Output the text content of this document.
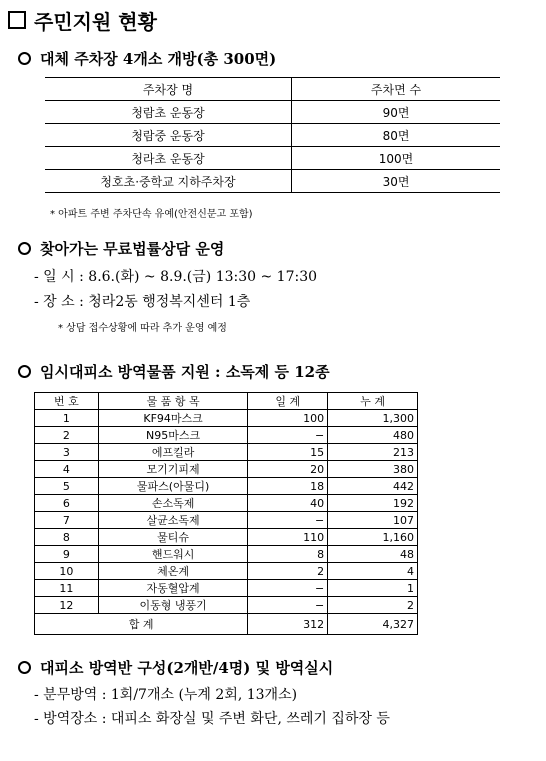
주민지원 현황
대체 주차장 4개소 개방(총 300면)
주차장 명	주차면 수
청람초 운동장	90면
청람중 운동장	80면
청라초 운동장	100면
청호초·중학교 지하주차장	30면
* 아파트 주변 주차단속 유예(안전신문고 포함)
찾아가는 무료법률상담 운영
- 일 시 : 8.6.(화) ~ 8.9.(금) 13:30 ~ 17:30
- 장 소 : 청라2동 행정복지센터 1층
* 상담 접수상황에 따라 추가 운영 예정
임시대피소 방역물품 지원 : 소독제 등 12종
번 호	물 품 항 목	일 계	누 계
1	KF94마스크	100	1,300
2	N95마스크	−	480
3	에프킬라	15	213
4	모기기피제	20	380
5	물파스(아물디)	18	442
6	손소독제	40	192
7	살균소독제	−	107
8	물티슈	110	1,160
9	핸드워시	8	48
10	체온계	2	4
11	자동혈압계	−	1
12	이동형 냉풍기	−	2
합 계		312	4,327
대피소 방역반 구성(2개반/4명) 및 방역실시
- 분무방역 : 1회/7개소 (누계 2회, 13개소)
- 방역장소 : 대피소 화장실 및 주변 화단, 쓰레기 집하장 등
